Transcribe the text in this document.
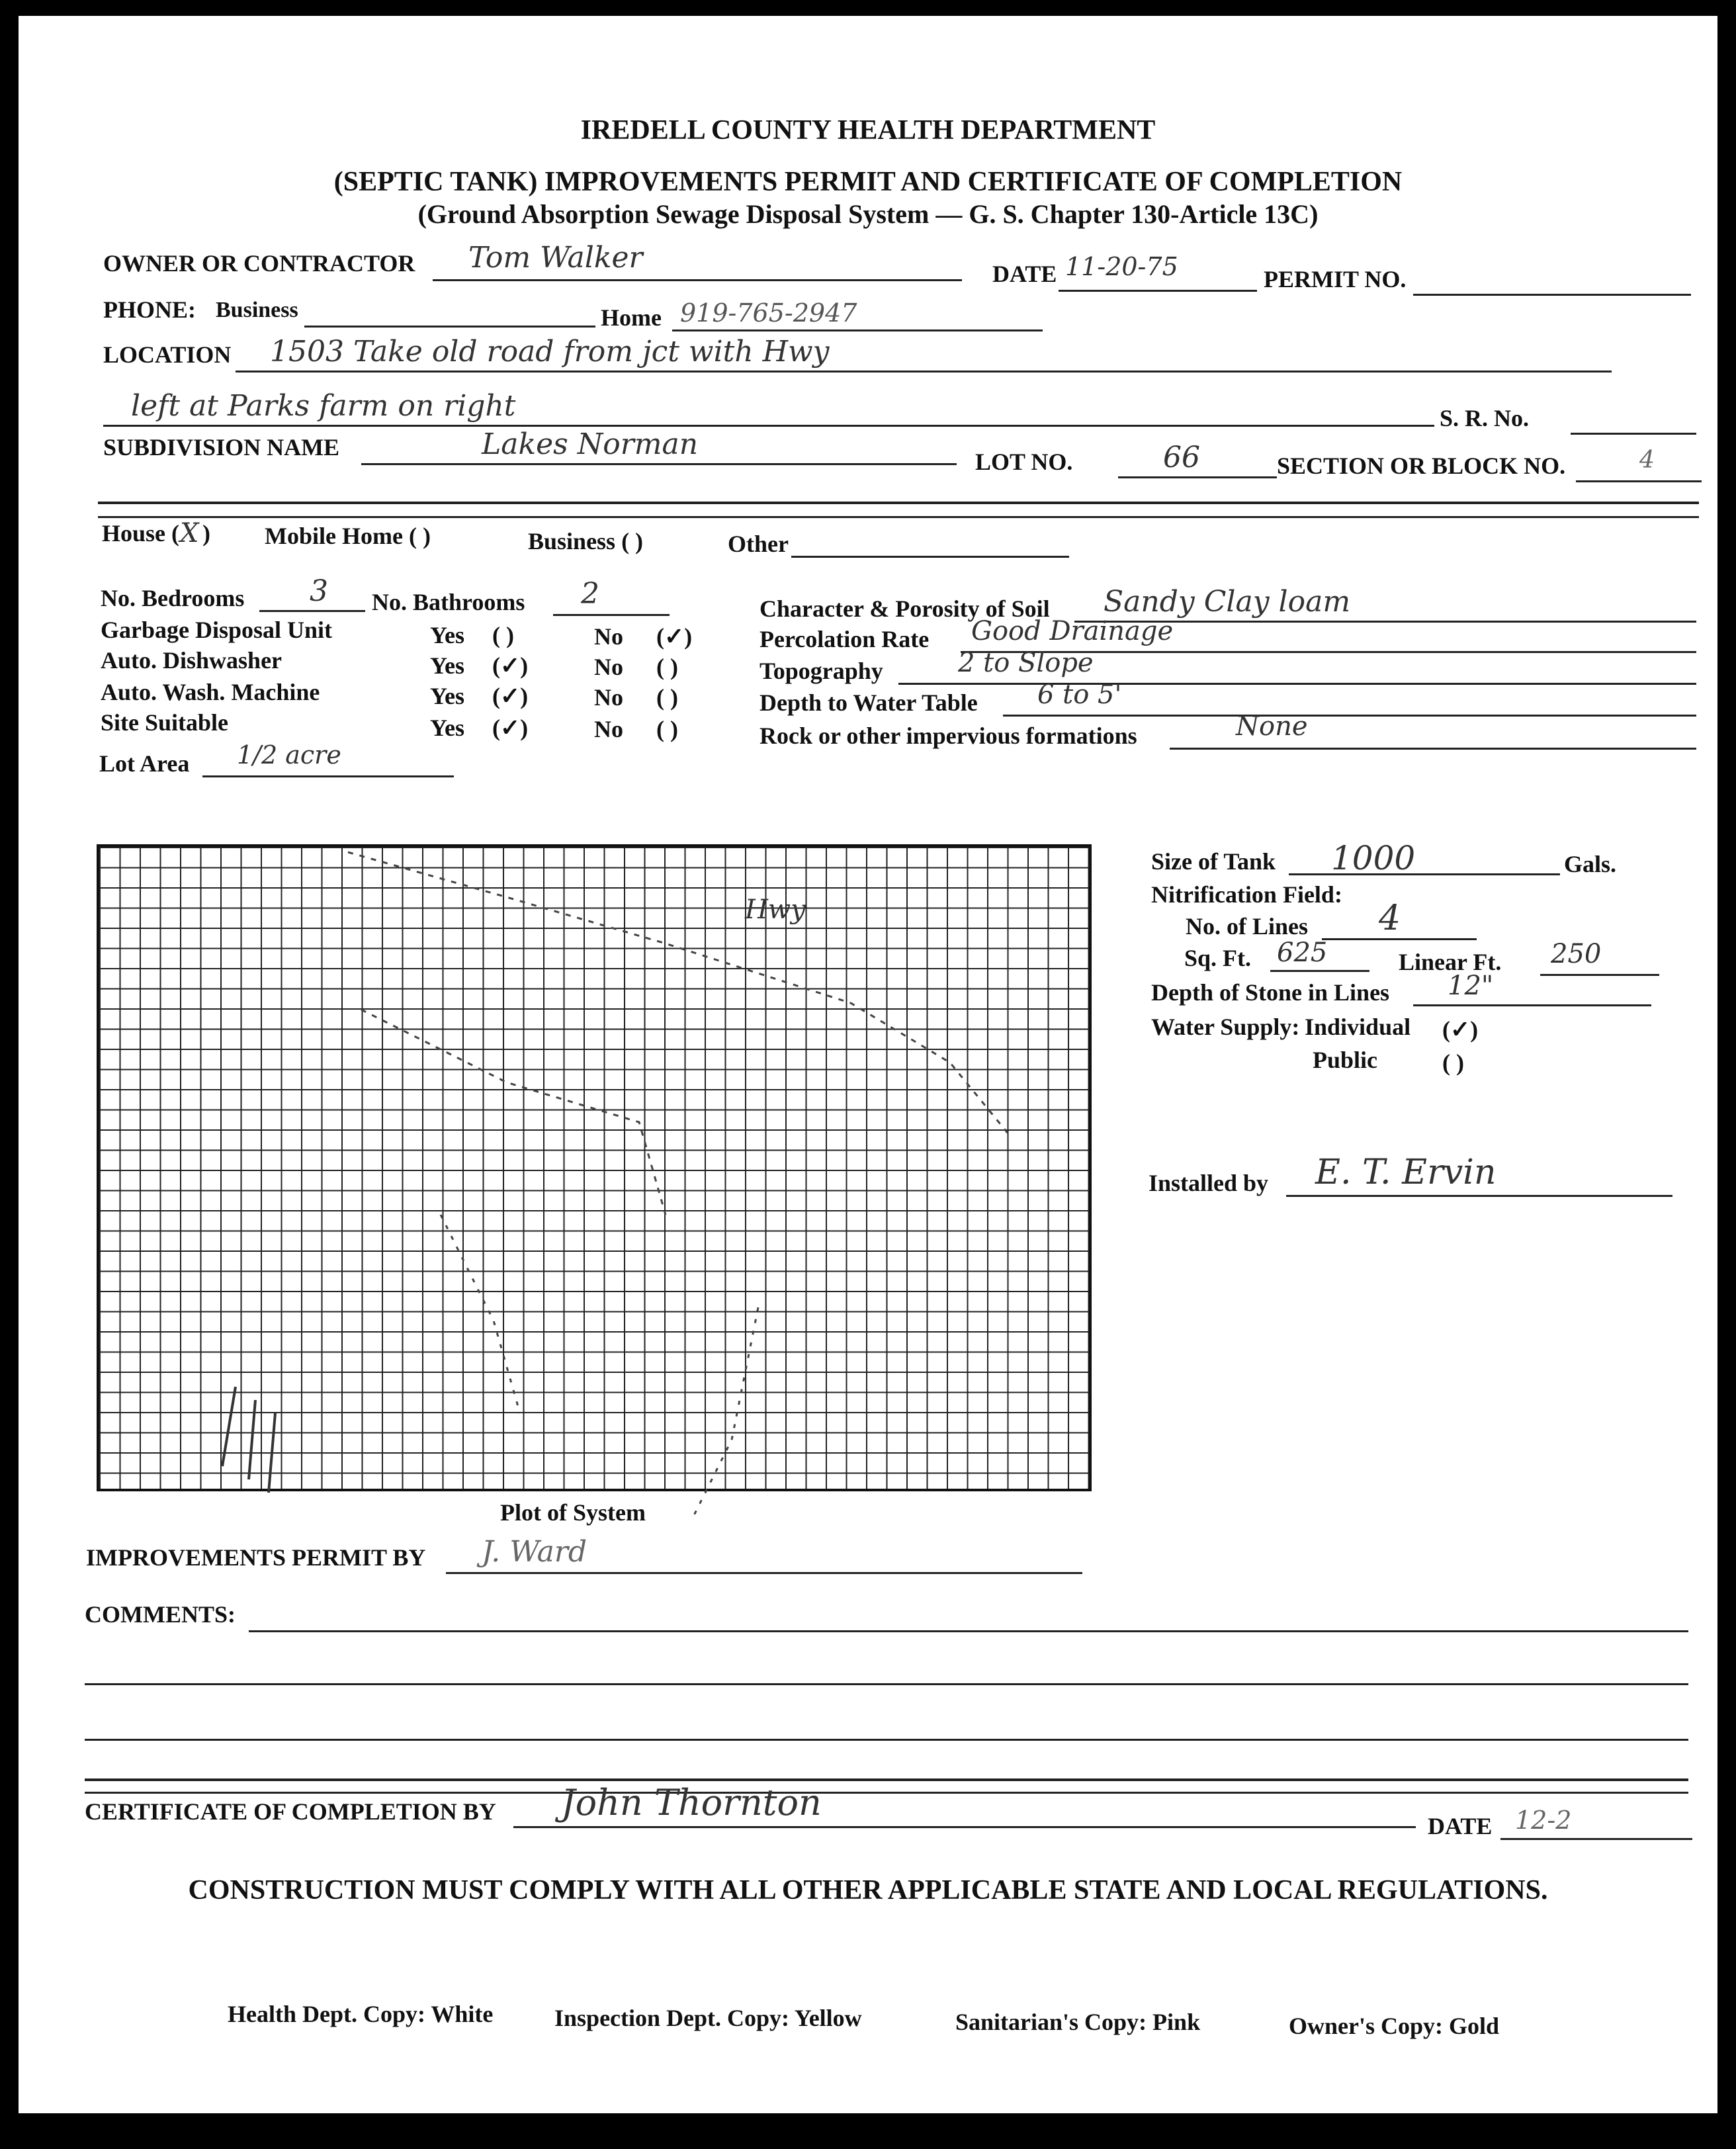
IREDELL COUNTY HEALTH DEPARTMENT
(SEPTIC TANK) IMPROVEMENTS PERMIT AND CERTIFICATE OF COMPLETION
(Ground Absorption Sewage Disposal System — G. S. Chapter 130-Article 13C)
OWNER OR CONTRACTOR Tom Walker	DATE 11-20-75	PERMIT NO.
PHONE: Business	Home 919-765-2947
LOCATION 1503 Take old road from jct with Hwy
left at Parks farm on right	S. R. No.
SUBDIVISION NAME	Lakes Norman
LOT NO.	66	SECTION OR BLOCK NO.	4
House ( X ) Mobile Home ( )	Business ( )	Other
No. Bedrooms 3 No. Bathrooms 2
Garbage Disposal Unit	Yes ( )	No (✓)
Auto. Dishwasher	Yes (✓)	No ( )
Auto. Wash. Machine	Yes (✓)	No ( )
Site Suitable	Yes (✓)	No ( )
Lot Area 1/2 acre
Character & Porosity of Soil Sandy Clay loam
Percolation Rate Good Drainage
Topography	2 to Slope
Depth to Water Table 6 to 5'
Rock or other impervious formations	None
Hwy
Plot of System
Size of Tank 1000	Gals.
Nitrification Field:
No. of Lines 4
Sq. Ft. 625	Linear Ft. 250
Depth of Stone in Lines 12"
Water Supply: Individual (✓)
Public	( )
Installed by E. T. Ervin
IMPROVEMENTS PERMIT BY J. Ward
COMMENTS:
CERTIFICATE OF COMPLETION BY John Thornton
DATE 12-2
CONSTRUCTION MUST COMPLY WITH ALL OTHER APPLICABLE STATE AND LOCAL REGULATIONS.
Health Dept. Copy: White	Inspection Dept. Copy: Yellow	Sanitarian's Copy: Pink	Owner's Copy: Gold
